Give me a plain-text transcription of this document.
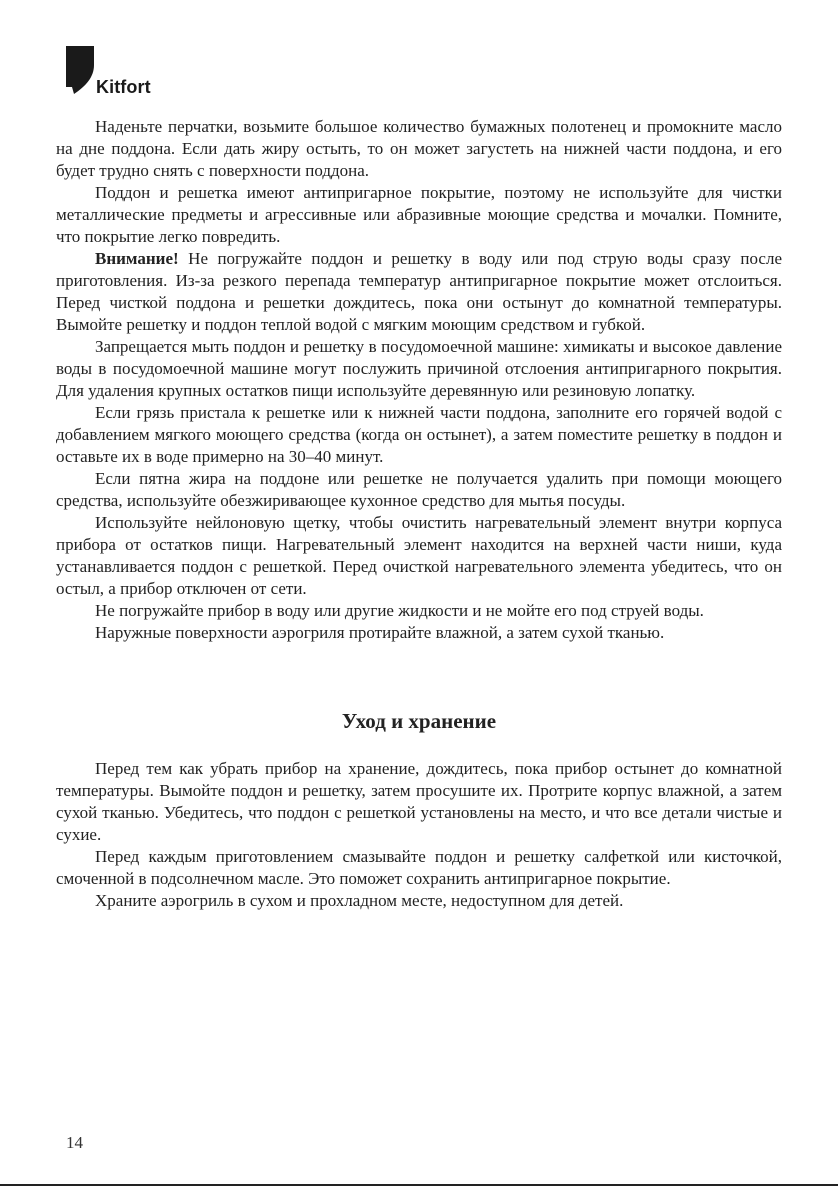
Kitfort

Наденьте перчатки, возьмите большое количество бумажных полотенец и промокните масло на дне поддона. Если дать жиру остыть, то он может загустеть на нижней части поддона, и его будет трудно снять с поверхности поддона.

Поддон и решетка имеют антипригарное покрытие, поэтому не используйте для чистки металлические предметы и агрессивные или абразивные моющие средства и мочалки. Помните, что покрытие легко повредить.

Внимание! Не погружайте поддон и решетку в воду или под струю воды сразу после приготовления. Из-за резкого перепада температур антипригарное покрытие может отслоиться. Перед чисткой поддона и решетки дождитесь, пока они остынут до комнатной температуры. Вымойте решетку и поддон теплой водой с мягким моющим средством и губкой.

Запрещается мыть поддон и решетку в посудомоечной машине: химикаты и высокое давление воды в посудомоечной машине могут послужить причиной отслоения антипригарного покрытия. Для удаления крупных остатков пищи используйте деревянную или резиновую лопатку.

Если грязь пристала к решетке или к нижней части поддона, заполните его горячей водой с добавлением мягкого моющего средства (когда он остынет), а затем поместите решетку в поддон и оставьте их в воде примерно на 30–40 минут.

Если пятна жира на поддоне или решетке не получается удалить при помощи моющего средства, используйте обезжиривающее кухонное средство для мытья посуды.

Используйте нейлоновую щетку, чтобы очистить нагревательный элемент внутри корпуса прибора от остатков пищи. Нагревательный элемент находится на верхней части ниши, куда устанавливается поддон с решеткой. Перед очисткой нагревательного элемента убедитесь, что он остыл, а прибор отключен от сети.

Не погружайте прибор в воду или другие жидкости и не мойте его под струей воды.

Наружные поверхности аэрогриля протирайте влажной, а затем сухой тканью.

Уход и хранение

Перед тем как убрать прибор на хранение, дождитесь, пока прибор остынет до комнатной температуры. Вымойте поддон и решетку, затем просушите их. Протрите корпус влажной, а затем сухой тканью. Убедитесь, что поддон с решеткой установлены на место, и что все детали чистые и сухие.

Перед каждым приготовлением смазывайте поддон и решетку салфеткой или кисточкой, смоченной в подсолнечном масле. Это поможет сохранить антипригарное покрытие.

Храните аэрогриль в сухом и прохладном месте, недоступном для детей.

14
